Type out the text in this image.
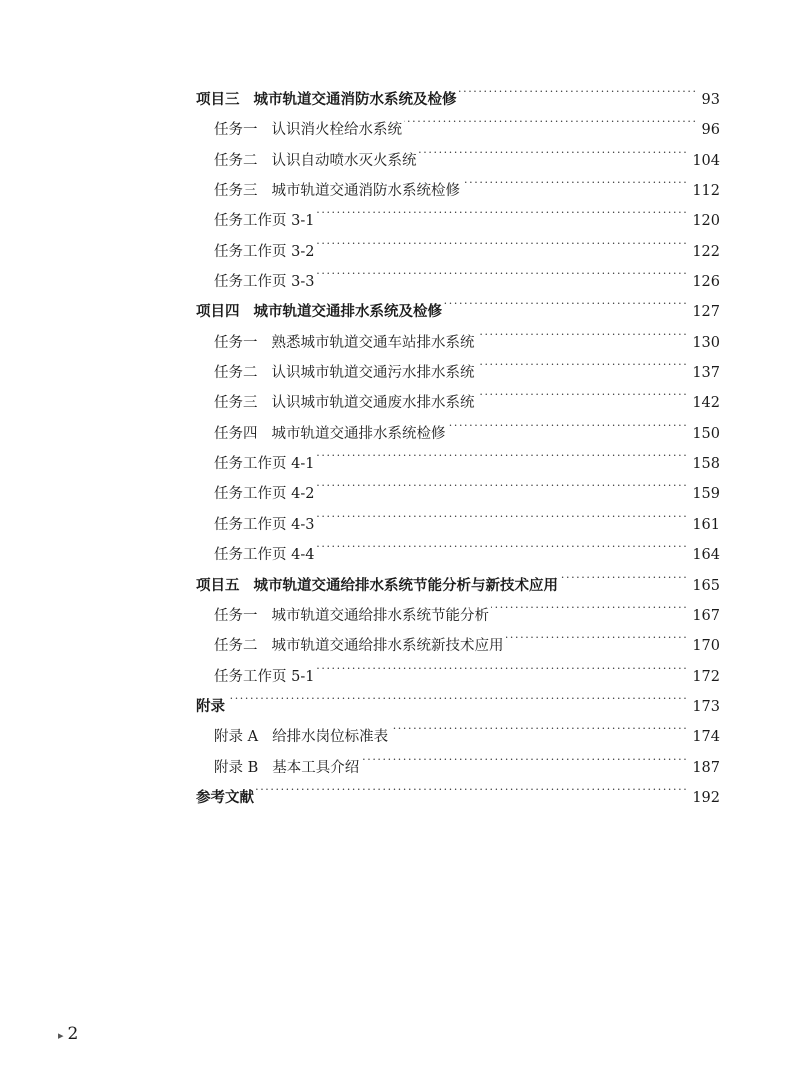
项目三 城市轨道交通消防水系统及检修 ·····	93
任务一 认识消火栓给水系统 ·····	96
任务二 认识自动喷水灭火系统 ·····	104
任务三 城市轨道交通消防水系统检修 ·····	112
任务工作页 3-1 ·····	120
任务工作页 3-2 ·····	122
任务工作页 3-3 ·····	126
项目四 城市轨道交通排水系统及检修 ·····	127
任务一 熟悉城市轨道交通车站排水系统 ·····	130
任务二 认识城市轨道交通污水排水系统 ·····	137
任务三 认识城市轨道交通废水排水系统 ·····	142
任务四 城市轨道交通排水系统检修 ·····	150
任务工作页 4-1 ·····	158
任务工作页 4-2 ·····	159
任务工作页 4-3 ·····	161
任务工作页 4-4 ·····	164
项目五 城市轨道交通给排水系统节能分析与新技术应用 ·····	165
任务一 城市轨道交通给排水系统节能分析 ·····	167
任务二 城市轨道交通给排水系统新技术应用 ·····	170
任务工作页 5-1 ·····	172
附录 ·····	173
附录 A 给排水岗位标准表 ·····	174
附录 B 基本工具介绍 ·····	187
参考文献 ·····	192
▸ 2
